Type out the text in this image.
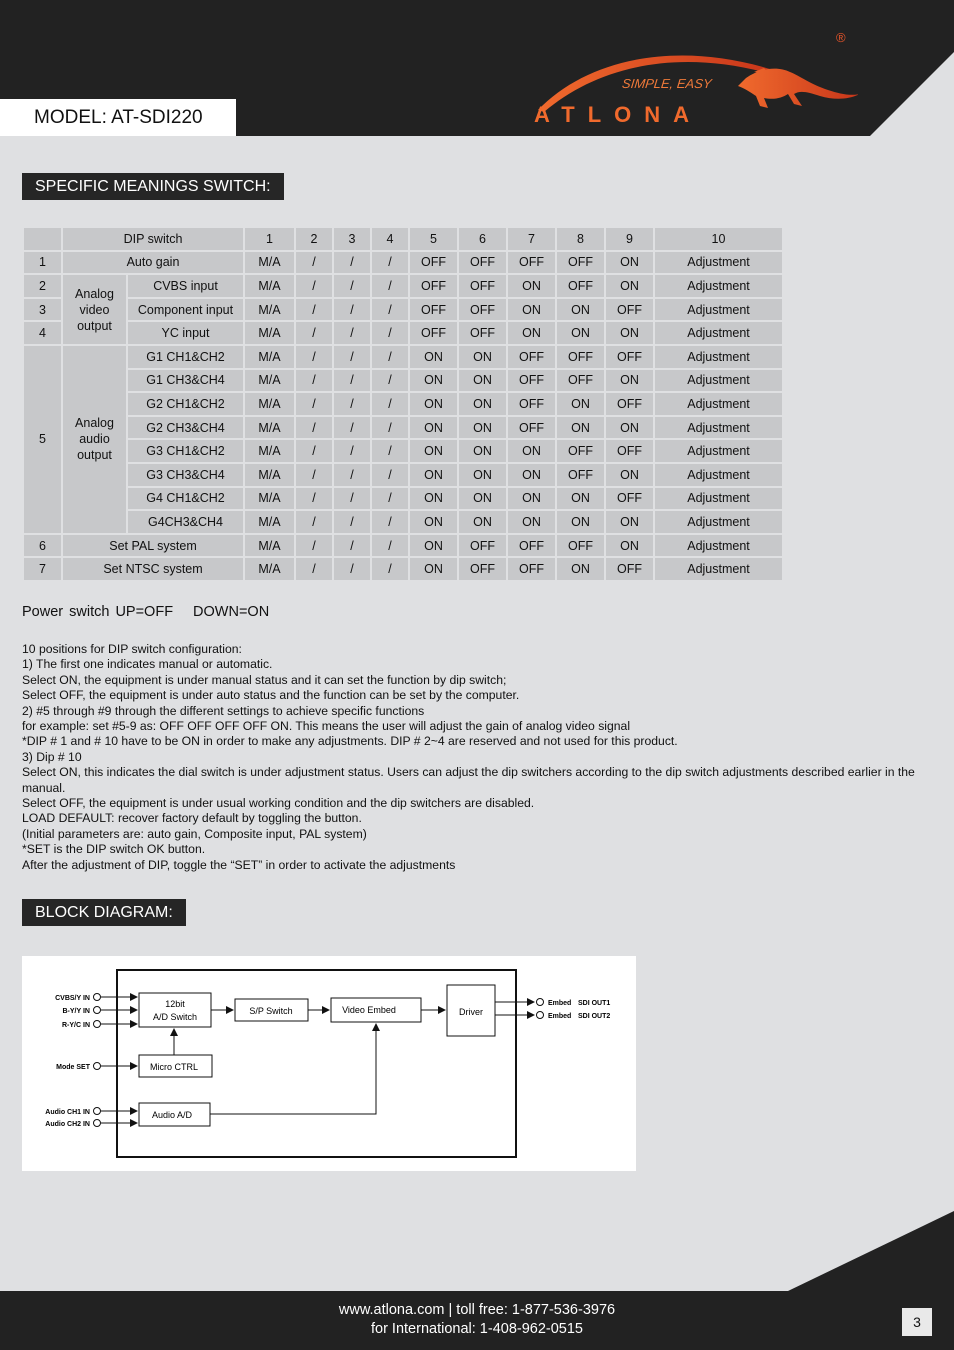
MODEL: AT-SDI220
SIMPLE, EASY
ATLONA
®
SPECIFIC MEANINGS SWITCH:
	DIP switch		1	2	3	4	5	6	7	8	9	10
1	Auto gain		M/A	/	/	/	OFF	OFF	OFF	OFF	ON	Adjustment
2	Analog video output	CVBS input	M/A	/	/	/	OFF	OFF	ON	OFF	ON	Adjustment
3		Component input	M/A	/	/	/	OFF	OFF	ON	ON	OFF	Adjustment
4		YC input	M/A	/	/	/	OFF	OFF	ON	ON	ON	Adjustment
5	Analog audio output	G1 CH1&CH2	M/A	/	/	/	ON	ON	OFF	OFF	OFF	Adjustment
		G1 CH3&CH4	M/A	/	/	/	ON	ON	OFF	OFF	ON	Adjustment
		G2 CH1&CH2	M/A	/	/	/	ON	ON	OFF	ON	OFF	Adjustment
		G2 CH3&CH4	M/A	/	/	/	ON	ON	OFF	ON	ON	Adjustment
		G3 CH1&CH2	M/A	/	/	/	ON	ON	ON	OFF	OFF	Adjustment
		G3 CH3&CH4	M/A	/	/	/	ON	ON	ON	OFF	ON	Adjustment
		G4 CH1&CH2	M/A	/	/	/	ON	ON	ON	ON	OFF	Adjustment
		G4CH3&CH4	M/A	/	/	/	ON	ON	ON	ON	ON	Adjustment
6	Set PAL system		M/A	/	/	/	ON	OFF	OFF	OFF	ON	Adjustment
7	Set NTSC system		M/A	/	/	/	ON	OFF	OFF	ON	OFF	Adjustment
Power switch UP=OFF DOWN=ON
10 positions for DIP switch configuration:
1) The first one indicates manual or automatic.
Select ON, the equipment is under manual status and it can set the function by dip switch;
Select OFF, the equipment is under auto status and the function can be set by the computer.
2) #5 through #9 through the different settings to achieve specific functions
for example: set #5-9 as: OFF OFF OFF OFF ON. This means the user will adjust the gain of analog video signal
*DIP # 1 and # 10 have to be ON in order to make any adjustments. DIP # 2~4 are reserved and not used for this product.
3) Dip # 10
Select ON, this indicates the dial switch is under adjustment status. Users can adjust the dip switchers according to the dip switch adjustments described earlier in the manual.
Select OFF, the equipment is under usual working condition and the dip switchers are disabled.
LOAD DEFAULT: recover factory default by toggling the button.
(Initial parameters are: auto gain, Composite input, PAL system)
*SET is the DIP switch OK button.
After the adjustment of DIP, toggle the “SET” in order to activate the adjustments
BLOCK DIAGRAM:
CVBS/Y IN
B-Y/Y IN
R-Y/C IN
Mode SET
Audio CH1 IN
Audio CH2 IN
12bit
A/D Switch
S/P Switch	Video Embed	Driver
Micro CTRL
Audio A/D
Embed SDI OUT1
Embed SDI OUT2
www.atlona.com | toll free: 1-877-536-3976
for International: 1-408-962-0515	3
